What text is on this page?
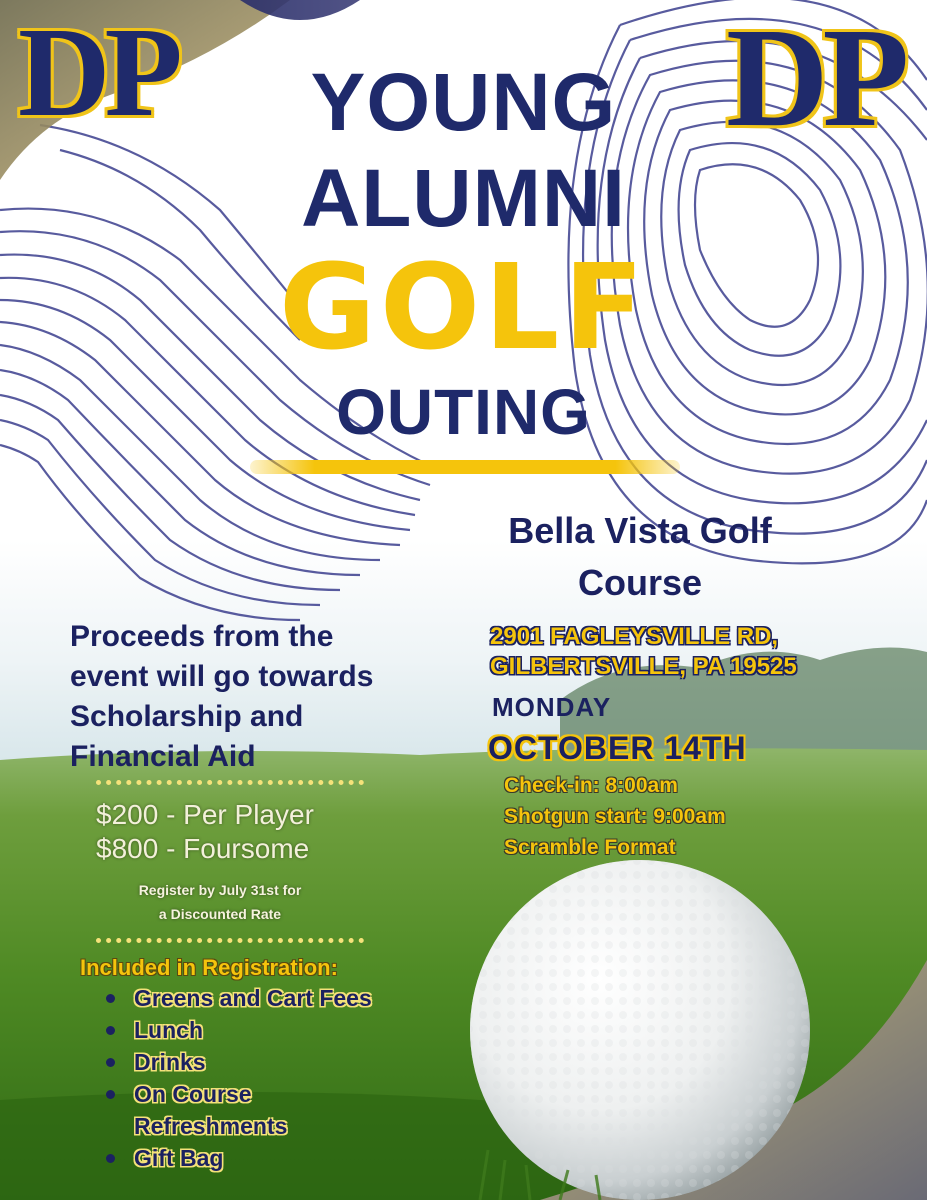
DP	DP
YOUNG
ALUMNI
GOLF
OUTING
Bella Vista Golf
Course
2901 FAGLEYSVILLE RD,
GILBERTSVILLE, PA 19525
MONDAY
OCTOBER 14TH
Check-in: 8:00am
Shotgun start: 9:00am
Scramble Format
Proceeds from the
event will go towards
Scholarship and
Financial Aid
$200 - Per Player
$800 - Foursome
Register by July 31st for
a Discounted Rate
Included in Registration:
Greens and Cart Fees
Lunch
Drinks
On Course
Refreshments
Gift Bag
